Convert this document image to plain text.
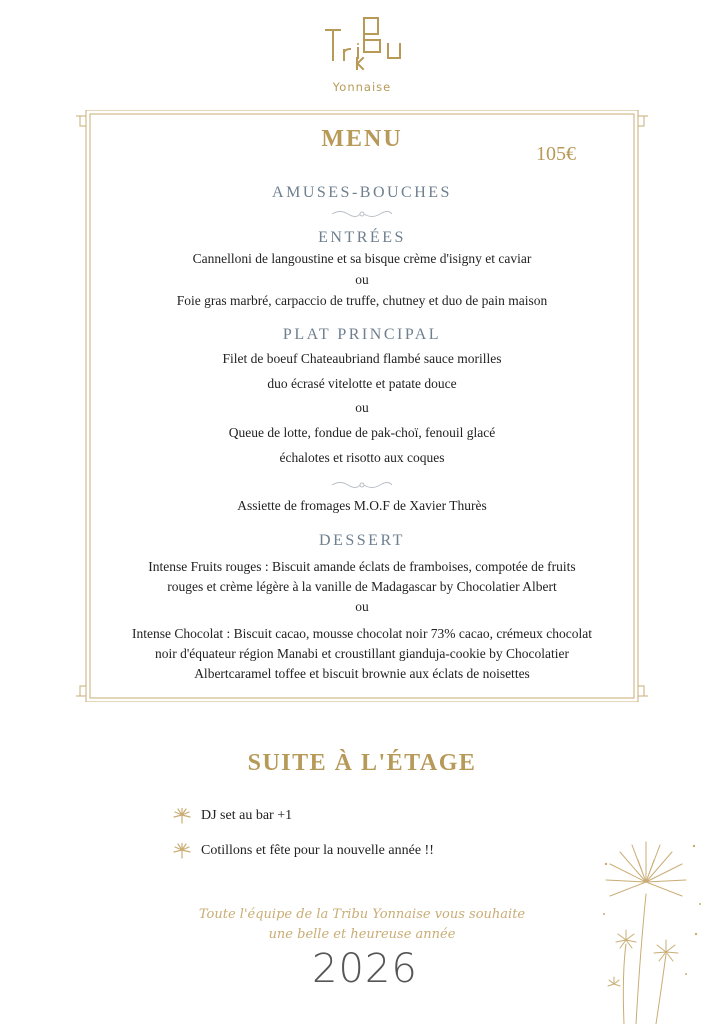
Yonnaise
MENU
105€
AMUSES-BOUCHES
ENTRÉES
Cannelloni de langoustine et sa bisque crème d'isigny et caviar
ou
Foie gras marbré, carpaccio de truffe, chutney et duo de pain maison
PLAT PRINCIPAL
Filet de boeuf Chateaubriand flambé sauce morilles
duo écrasé vitelotte et patate douce
ou
Queue de lotte, fondue de pak-choï, fenouil glacé
échalotes et risotto aux coques
Assiette de fromages M.O.F de Xavier Thurès
DESSERT
Intense Fruits rouges : Biscuit amande éclats de framboises, compotée de fruits
rouges et crème légère à la vanille de Madagascar by Chocolatier Albert
ou
Intense Chocolat : Biscuit cacao, mousse chocolat noir 73% cacao, crémeux chocolat
noir d'équateur région Manabi et croustillant gianduja-cookie by Chocolatier
Albertcaramel toffee et biscuit brownie aux éclats de noisettes
SUITE À L'ÉTAGE
DJ set au bar +1
Cotillons et fête pour la nouvelle année !!
Toute l'équipe de la Tribu Yonnaise vous souhaite
une belle et heureuse année
2026
